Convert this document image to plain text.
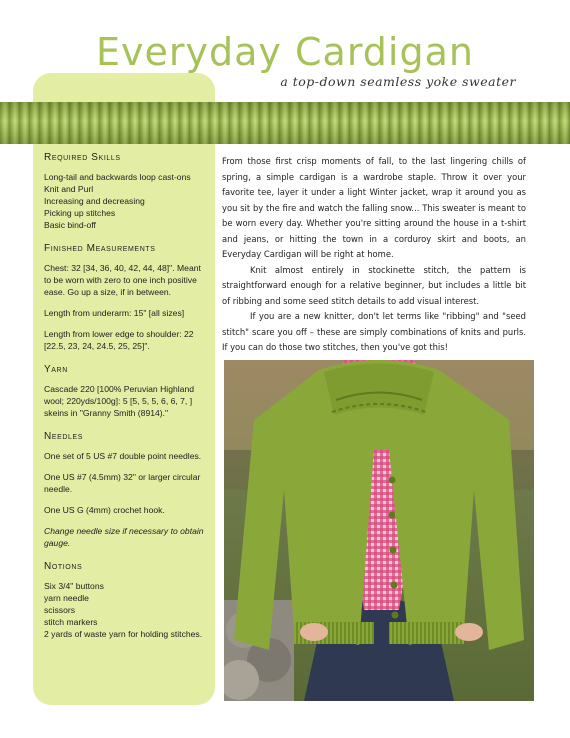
Everyday Cardigan
a top-down seamless yoke sweater
Required Skills
Long-tail and backwards loop cast-ons
Knit and Purl
Increasing and decreasing
Picking up stitches
Basic bind-off
Finished Measurements
Chest: 32 [34, 36, 40, 42, 44, 48]". Meant to be worn with zero to one inch positive ease. Go up a size, if in between.
Length from underarm: 15" [all sizes]
Length from lower edge to shoulder: 22 [22.5, 23, 24, 24.5, 25, 25]".
Yarn
Cascade 220 [100% Peruvian Highland wool; 220yds/100g]: 5 [5, 5, 5, 6, 6, 7, ] skeins in "Granny Smith (8914)."
Needles
One set of 5 US #7 double point needles.
One US #7 (4.5mm) 32" or larger circular needle.
One US G (4mm) crochet hook.
Change needle size if necessary to obtain gauge.
Notions
Six 3/4" buttons
yarn needle
scissors
stitch markers
2 yards of waste yarn for holding stitches.

From those first crisp moments of fall, to the last lingering chills of spring, a simple cardigan is a wardrobe staple. Throw it over your favorite tee, layer it under a light Winter jacket, wrap it around you as you sit by the fire and watch the falling snow... This sweater is meant to be worn every day. Whether you're sitting around the house in a t-shirt and jeans, or hitting the town in a corduroy skirt and boots, an Everyday Cardigan will be right at home.

Knit almost entirely in stockinette stitch, the pattern is straightforward enough for a relative beginner, but includes a little bit of ribbing and some seed stitch details to add visual interest.

If you are a new knitter, don't let terms like "ribbing" and "seed stitch" scare you off – these are simply combinations of knits and purls. If you can do those two stitches, then you've got this!
